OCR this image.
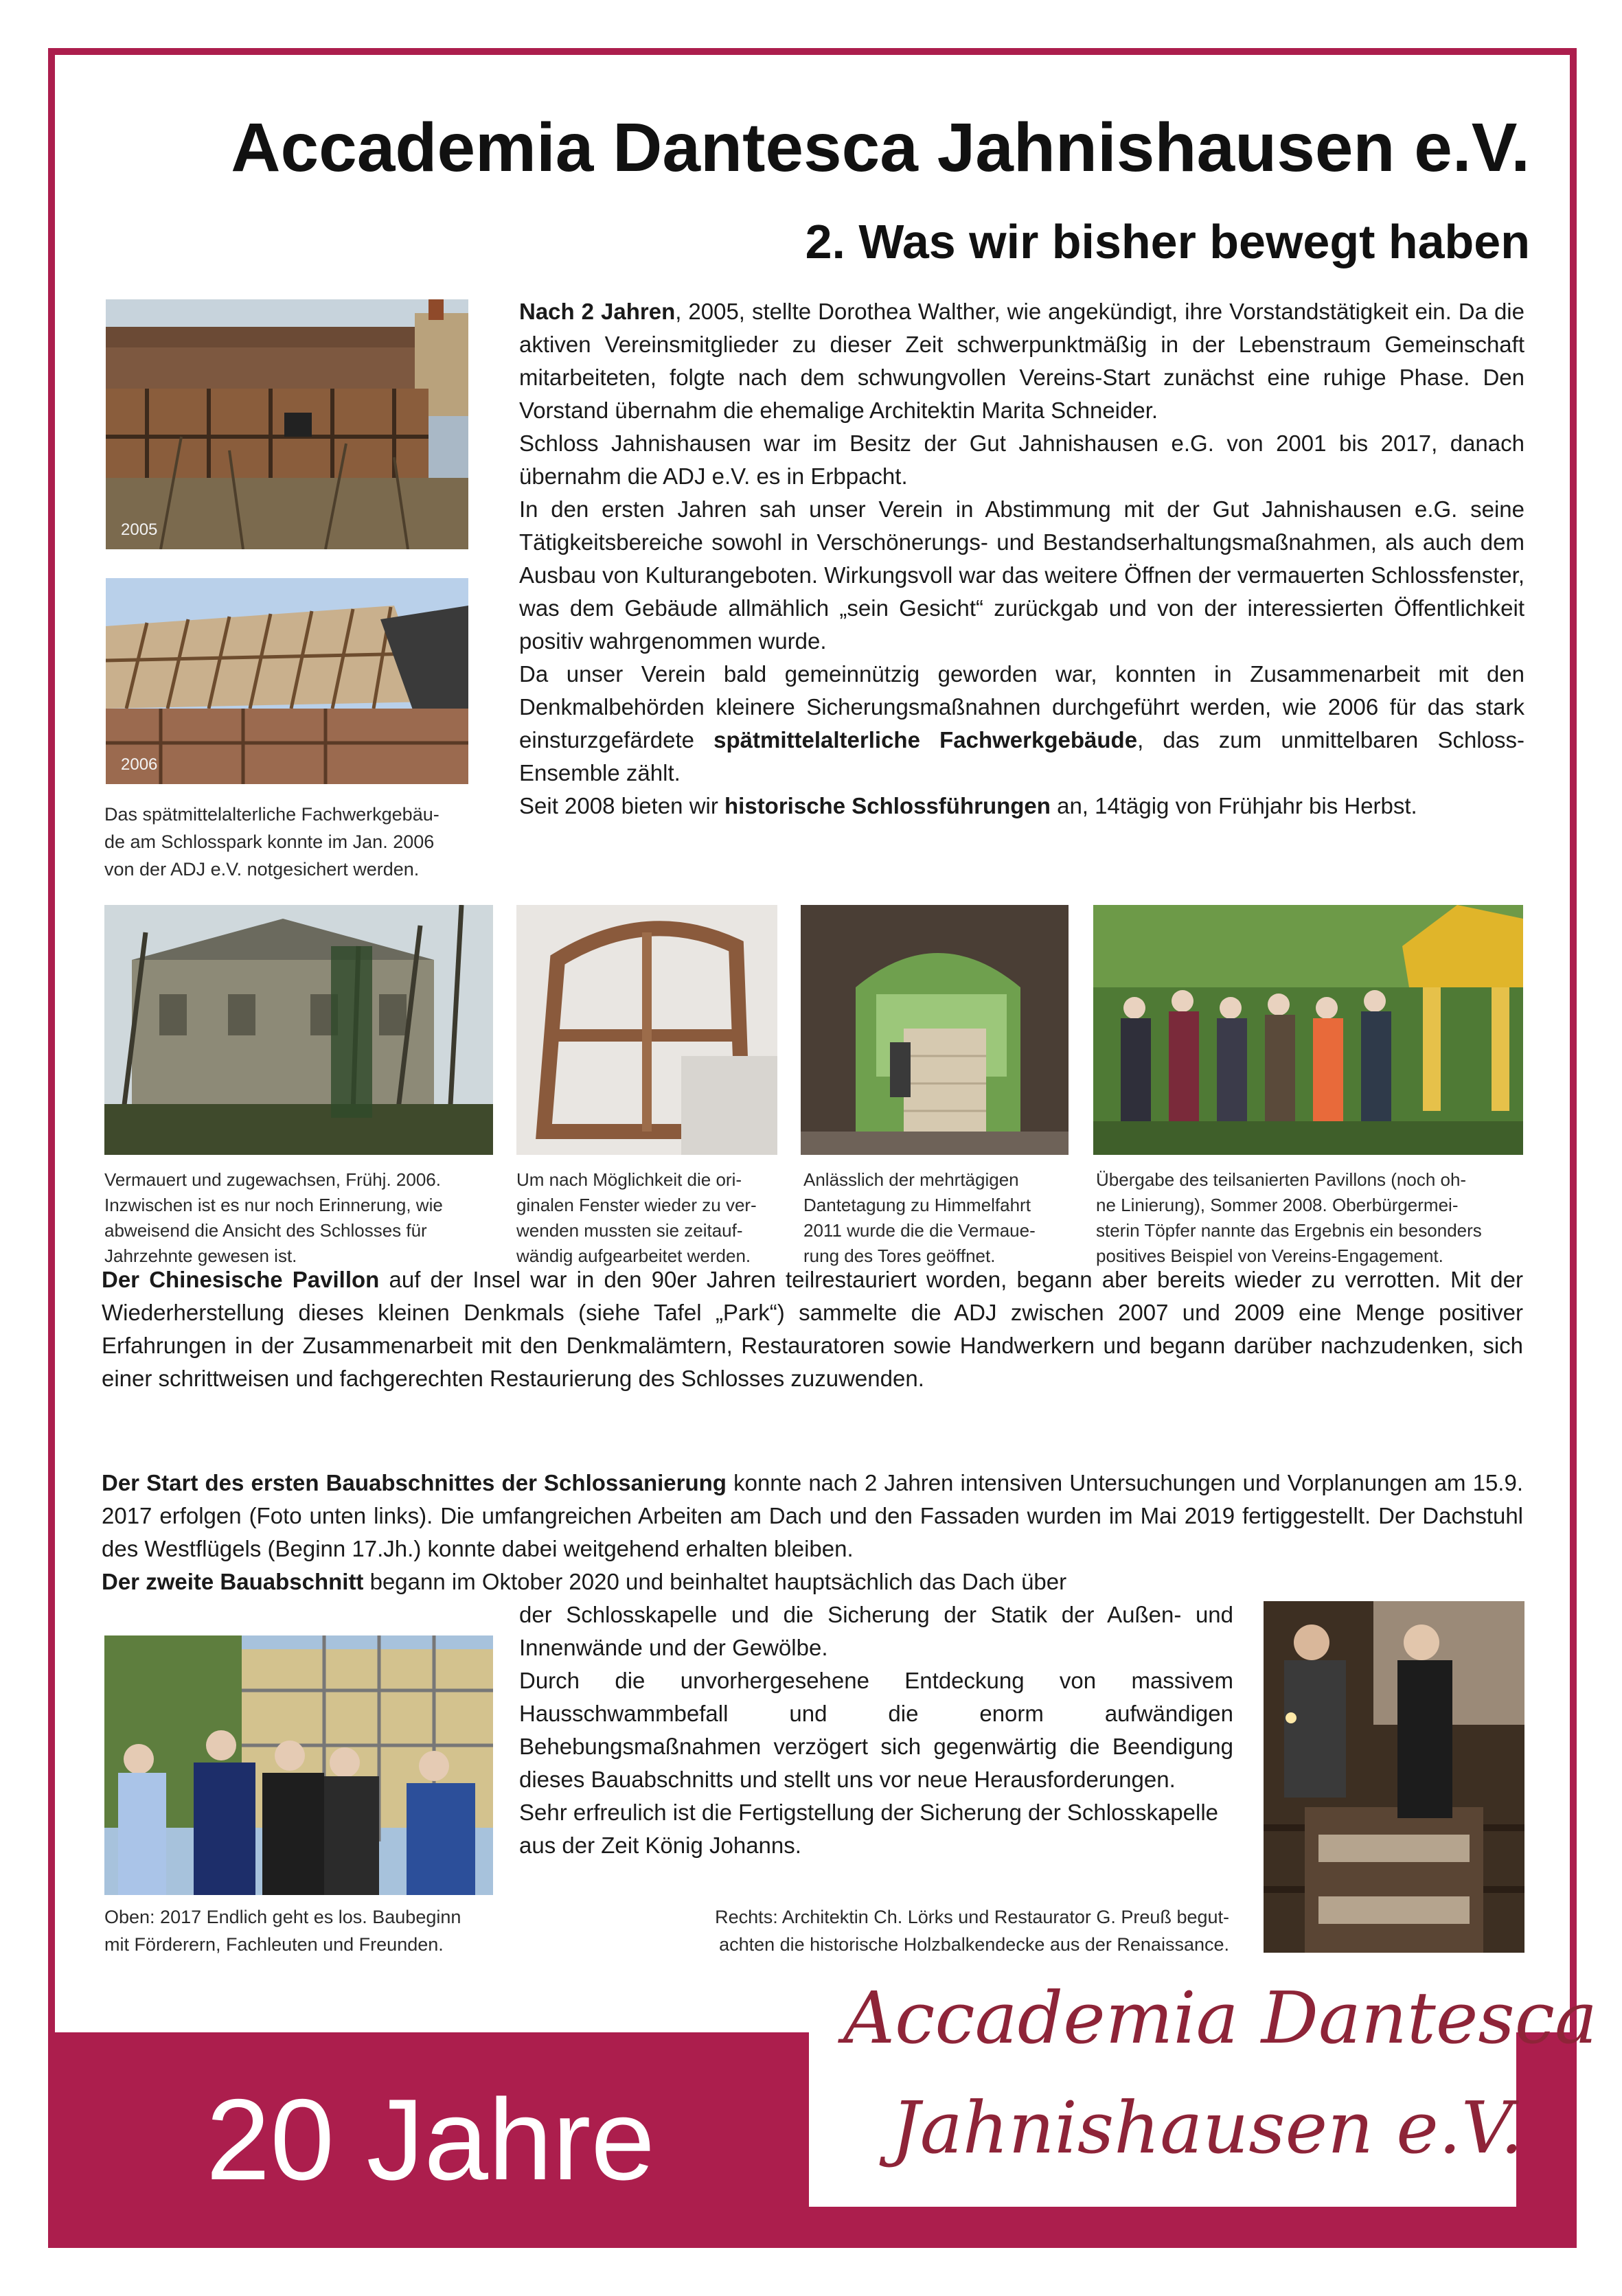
Accademia Dantesca Jahnishausen e.V.
2. Was wir bisher bewegt haben
2005
2006
Das spätmittelalterliche Fachwerkgebäu-
de am Schlosspark konnte im Jan. 2006
von der ADJ e.V. notgesichert werden.

Nach 2 Jahren, 2005, stellte Dorothea Walther, wie angekündigt, ihre Vorstandstätigkeit ein. Da die aktiven Vereinsmitglieder zu dieser Zeit schwerpunktmäßig in der Lebenstraum Gemeinschaft mitarbeiteten, folgte nach dem schwungvollen Vereins-Start zunächst eine ruhige Phase. Den Vorstand übernahm die ehemalige Architektin Marita Schneider.

Schloss Jahnishausen war im Besitz der Gut Jahnishausen e.G. von 2001 bis 2017, danach übernahm die ADJ e.V. es in Erbpacht.

In den ersten Jahren sah unser Verein in Abstimmung mit der Gut Jahnishausen e.G. seine Tätigkeitsbereiche sowohl in Verschönerungs- und Bestandserhaltungsmaßnahmen, als auch dem Ausbau von Kulturangeboten. Wirkungsvoll war das weitere Öffnen der vermauerten Schlossfenster, was dem Gebäude allmählich „sein Gesicht“ zurückgab und von der interessierten Öffentlichkeit positiv wahrgenommen wurde.

Da unser Verein bald gemeinnützig geworden war, konnten in Zusammenarbeit mit den Denkmalbehörden kleinere Sicherungsmaßnahnen durchgeführt werden, wie 2006 für das stark einsturzgefärdete spätmittelalterliche Fachwerkgebäude, das zum unmittelbaren Schloss-Ensemble zählt.

Seit 2008 bieten wir historische Schlossführungen an, 14tägig von Frühjahr bis Herbst.

Vermauert und zugewachsen, Frühj. 2006.
Inzwischen ist es nur noch Erinnerung, wie
abweisend die Ansicht des Schlosses für
Jahrzehnte gewesen ist.
Um nach Möglichkeit die ori-
ginalen Fenster wieder zu ver-
wenden mussten sie zeitauf-
wändig aufgearbeitet werden.
Anlässlich der mehrtägigen
Dantetagung zu Himmelfahrt
2011 wurde die die Vermaue-
rung des Tores geöffnet.
Übergabe des teilsanierten Pavillons (noch oh-
ne Linierung), Sommer 2008. Oberbürgermei-
sterin Töpfer nannte das Ergebnis ein besonders
positives Beispiel von Vereins-Engagement.

Der Chinesische Pavillon auf der Insel war in den 90er Jahren teilrestauriert worden, begann aber bereits wieder zu verrotten. Mit der Wiederherstellung dieses kleinen Denkmals (siehe Tafel „Park“) sammelte die ADJ zwischen 2007 und 2009 eine Menge positiver Erfahrungen in der Zusammenarbeit mit den Denkmalämtern, Restauratoren sowie Handwerkern und begann darüber nachzudenken, sich einer schrittweisen und fachgerechten Restaurierung des Schlosses zuzuwenden.

Der Start des ersten Bauabschnittes der Schlossanierung konnte nach 2 Jahren intensiven Untersuchungen und Vorplanungen am 15.9. 2017 erfolgen (Foto unten links). Die umfangreichen Arbeiten am Dach und den Fassaden wurden im Mai 2019 fertiggestellt. Der Dachstuhl des Westflügels (Beginn 17.Jh.) konnte dabei weitgehend erhalten bleiben.

Der zweite Bauabschnitt begann im Oktober 2020 und beinhaltet hauptsächlich das Dach über

der Schlosskapelle und die Sicherung der Statik der Außen- und Innenwände und der Gewölbe.

Durch die unvorhergesehene Entdeckung von massivem Hausschwammbefall und die enorm aufwändigen Behebungsmaßnahmen verzögert sich gegenwärtig die Beendigung dieses Bauabschnitts und stellt uns vor neue Herausforderungen.

Sehr erfreulich ist die Fertigstellung der Sicherung der Schlosskapelle aus der Zeit König Johanns.

Oben: 2017 Endlich geht es los. Baubeginn
mit Förderern, Fachleuten und Freunden.
Rechts: Architektin Ch. Lörks und Restaurator G. Preuß begut-
achten die historische Holzbalkendecke aus der Renaissance.
20 Jahre
Accademia Dantesca
Jahnishausen e.V.
